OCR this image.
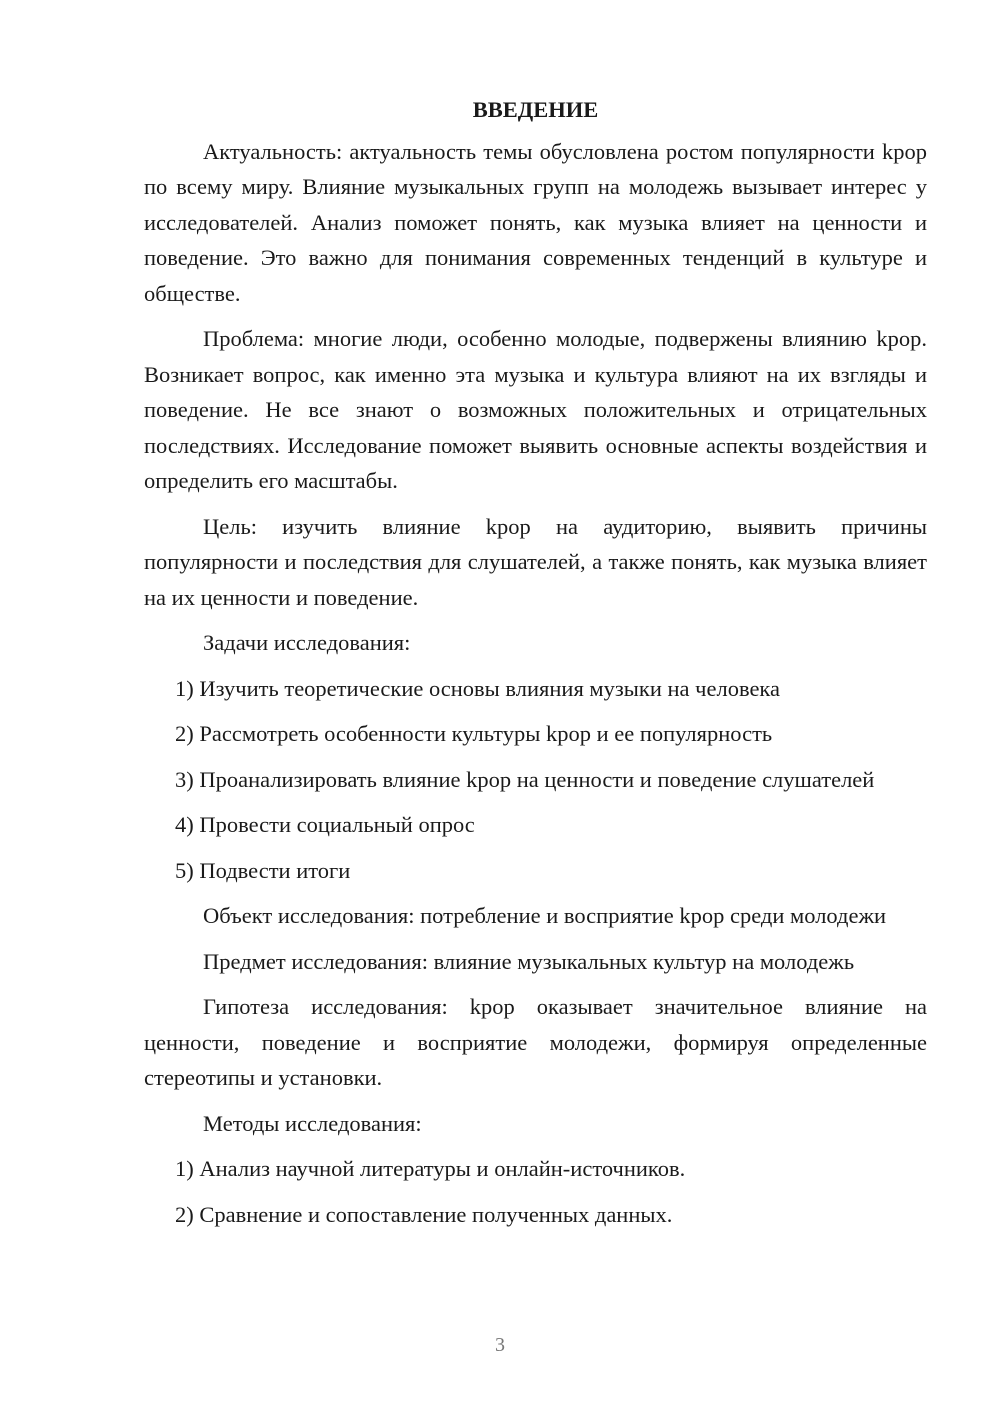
ВВЕДЕНИЕ

Актуальность: актуальность темы обусловлена ростом популярности kpop по всему миру. Влияние музыкальных групп на молодежь вызывает интерес у исследователей. Анализ поможет понять, как музыка влияет на ценности и поведение. Это важно для понимания современных тенденций в культуре и обществе.

Проблема: многие люди, особенно молодые, подвержены влиянию kpop. Возникает вопрос, как именно эта музыка и культура влияют на их взгляды и поведение. Не все знают о возможных положительных и отрицательных последствиях. Исследование поможет выявить основные аспекты воздействия и определить его масштабы.

Цель: изучить влияние kpop на аудиторию, выявить причины популярности и последствия для слушателей, а также понять, как музыка влияет на их ценности и поведение.

Задачи исследования:

1) Изучить теоретические основы влияния музыки на человека

2) Рассмотреть особенности культуры kpop и ее популярность

3) Проанализировать влияние kpop на ценности и поведение слушателей

4) Провести социальный опрос

5) Подвести итоги

Объект исследования: потребление и восприятие kpop среди молодежи

Предмет исследования: влияние музыкальных культур на молодежь

Гипотеза исследования: kpop оказывает значительное влияние на ценности, поведение и восприятие молодежи, формируя определенные стереотипы и установки.

Методы исследования:

1) Анализ научной литературы и онлайн-источников.

2) Сравнение и сопоставление полученных данных.

3
